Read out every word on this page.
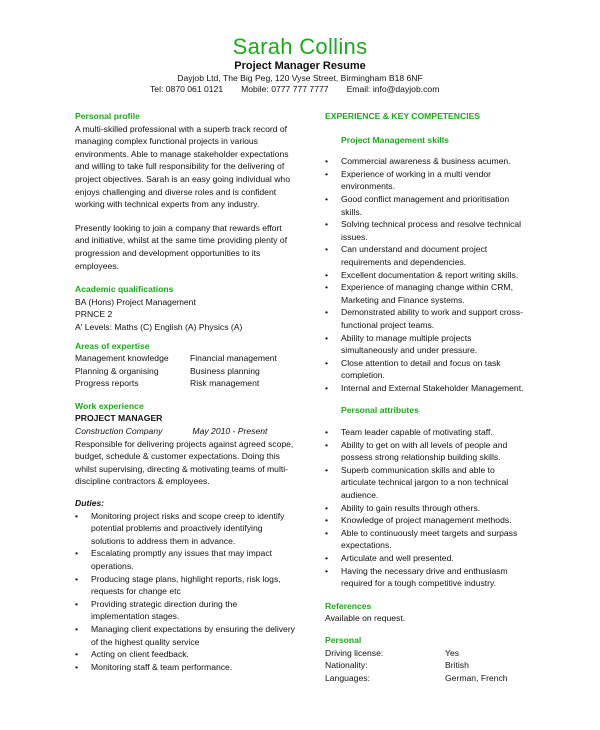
Sarah Collins
Project Manager Resume
Dayjob Ltd, The Big Peg, 120 Vyse Street, Birmingham B18 6NF
Tel: 0870 061 0121 Mobile: 0777 777 7777 Email: info@dayjob.com

Personal profile

A multi-skilled professional with a superb track record of managing complex functional projects in various environments. Able to manage stakeholder expectations and willing to take full responsibility for the delivering of project objectives. Sarah is an easy going individual who enjoys challenging and diverse roles and is confident working with technical experts from any industry.

Presently looking to join a company that rewards effort and initiative, whilst at the same time providing plenty of progression and development opportunities to its employees.

Academic qualifications

BA (Hons) Project Management

PRNCE 2

A' Levels: Maths (C) English (A) Physics (A)

Areas of expertise

Management knowledge	Financial management
Planning & organising	Business planning
Progress reports	Risk management

Work experience

PROJECT MANAGER

Construction Company	May 2010 - Present

Responsible for delivering projects against agreed scope, budget, schedule & customer expectations. Doing this whilst supervising, directing & motivating teams of multi-discipline contractors & employees.

Duties:

• Monitoring project risks and scope creep to identify potential problems and proactively identifying solutions to address them in advance.
• Escalating promptly any issues that may impact operations.
• Producing stage plans, highlight reports, risk logs, requests for change etc
• Providing strategic direction during the implementation stages.
• Managing client expectations by ensuring the delivery of the highest quality service
• Acting on client feedback.
• Monitoring staff & team performance.

EXPERIENCE & KEY COMPETENCIES

Project Management skills

• Commercial awareness & business acumen.
• Experience of working in a multi vendor environments.
• Good conflict management and prioritisation skills.
• Solving technical process and resolve technical issues.
• Can understand and document project requirements and dependencies.
• Excellent documentation & report writing skills.
• Experience of managing change within CRM, Marketing and Finance systems.
• Demonstrated ability to work and support cross-functional project teams.
• Ability to manage multiple projects simultaneously and under pressure.
• Close attention to detail and focus on task completion.
• Internal and External Stakeholder Management.

Personal attributes

• Team leader capable of motivating staff.
• Ability to get on with all levels of people and possess strong relationship building skills.
• Superb communication skills and able to articulate technical jargon to a non technical audience.
• Ability to gain results through others.
• Knowledge of project management methods.
• Able to continuously meet targets and surpass expectations.
• Articulate and well presented.
• Having the necessary drive and enthusiasm required for a tough competitive industry.

References

Available on request.

Personal

Driving license:	Yes
Nationality:	British
Languages:	German, French
